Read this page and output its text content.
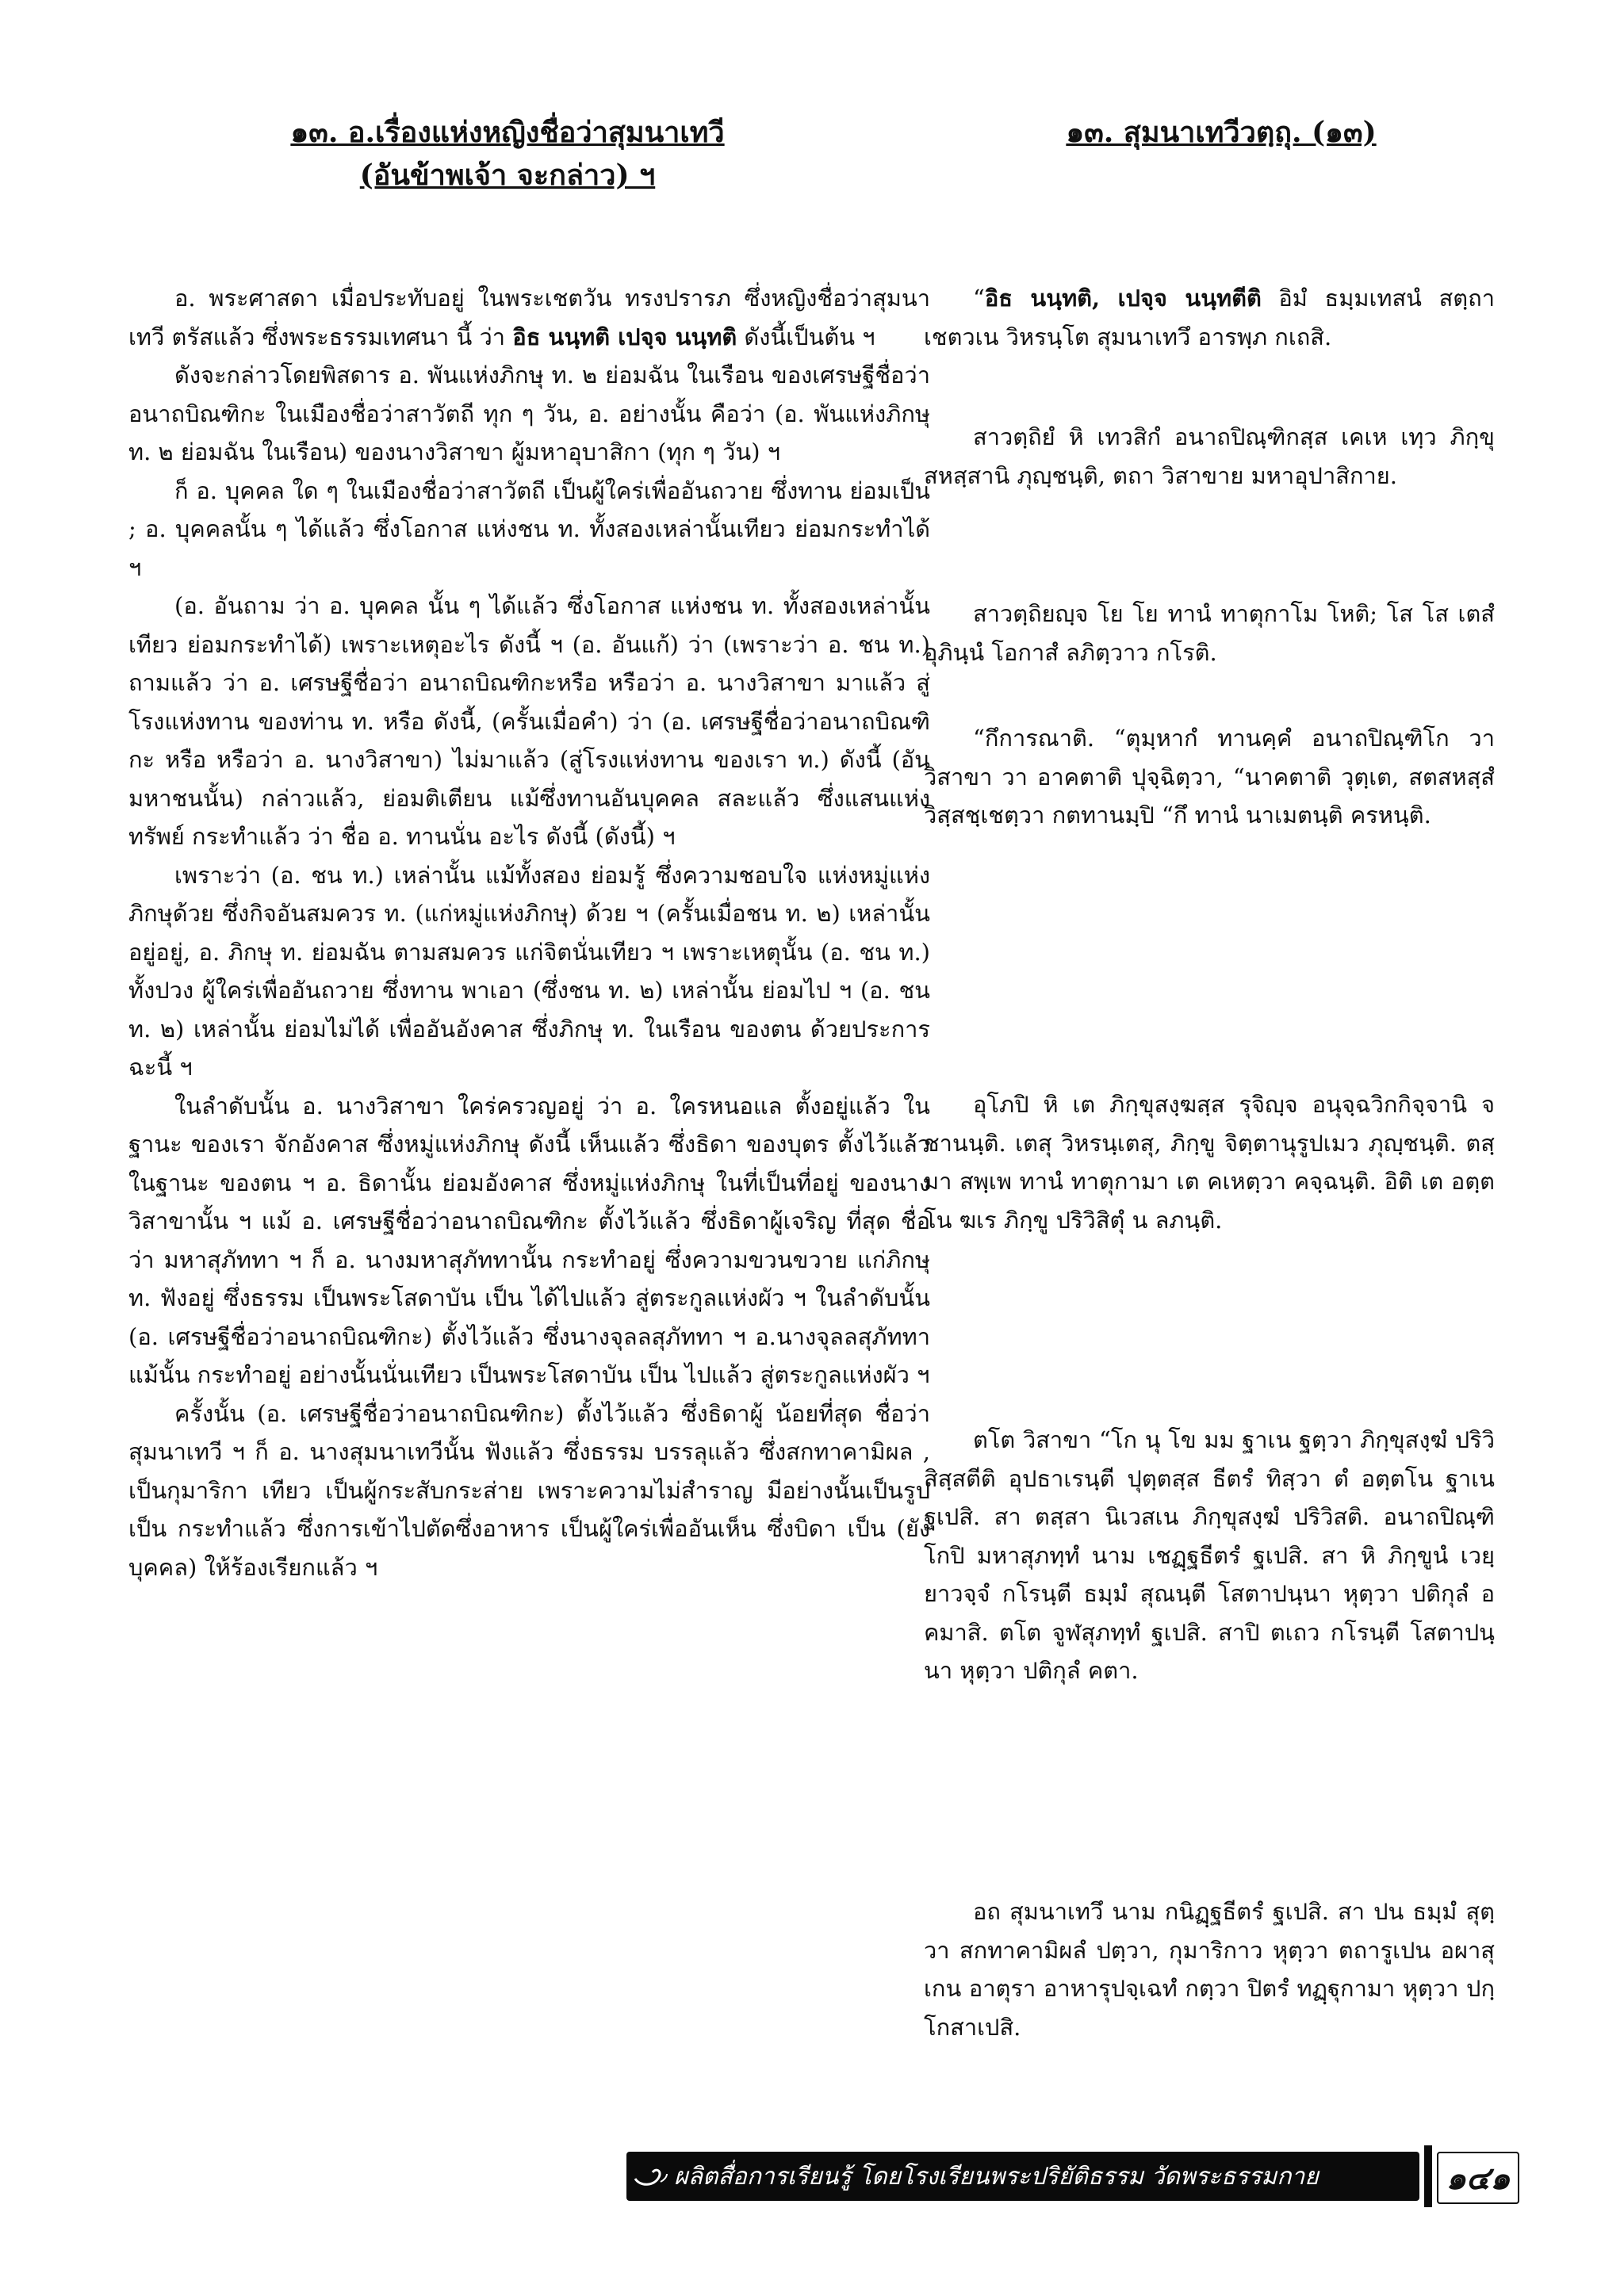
๑๓. อ.เรื่องแห่งหญิงชื่อว่าสุมนาเทวี
(อันข้าพเจ้า จะกล่าว) ฯ
๑๓. สุมนาเทวีวตฺถุ. (๑๓)

อ. พระศาสดา เมื่อประทับอยู่ ในพระเชตวัน ทรงปรารภ ซึ่งหญิงชื่อว่าสุมนาเทวี ตรัสแล้ว ซึ่งพระธรรมเทศนา นี้ ว่า อิธ นนฺทติ เปจฺจ นนฺทติ ดังนี้เป็นต้น ฯ

ดังจะกล่าวโดยพิสดาร อ. พันแห่งภิกษุ ท. ๒ ย่อมฉัน ในเรือน ของเศรษฐีชื่อว่า อนาถบิณฑิกะ ในเมืองชื่อว่าสาวัตถี ทุก ๆ วัน, อ. อย่างนั้น คือว่า (อ. พันแห่งภิกษุ ท. ๒ ย่อมฉัน ในเรือน) ของนางวิสาขา ผู้มหาอุบาสิกา (ทุก ๆ วัน) ฯ

ก็ อ. บุคคล ใด ๆ ในเมืองชื่อว่าสาวัตถี เป็นผู้ใคร่เพื่ออันถวาย ซึ่งทาน ย่อมเป็น ; อ. บุคคลนั้น ๆ ได้แล้ว ซึ่งโอกาส แห่งชน ท. ทั้งสองเหล่านั้นเทียว ย่อมกระทำได้ ฯ

(อ. อันถาม ว่า อ. บุคคล นั้น ๆ ได้แล้ว ซึ่งโอกาส แห่งชน ท. ทั้งสองเหล่านั้นเทียว ย่อมกระทำได้) เพราะเหตุอะไร ดังนี้ ฯ (อ. อันแก้) ว่า (เพราะว่า อ. ชน ท.) ถามแล้ว ว่า อ. เศรษฐีชื่อว่า อนาถบิณฑิกะหรือ หรือว่า อ. นางวิสาขา มาแล้ว สู่โรงแห่งทาน ของท่าน ท. หรือ ดังนี้, (ครั้นเมื่อคำ) ว่า (อ. เศรษฐีชื่อว่าอนาถบิณฑิกะ หรือ หรือว่า อ. นางวิสาขา) ไม่มาแล้ว (สู่โรงแห่งทาน ของเรา ท.) ดังนี้ (อันมหาชนนั้น) กล่าวแล้ว, ย่อมติเตียน แม้ซึ่งทานอันบุคคล สละแล้ว ซึ่งแสนแห่งทรัพย์ กระทำแล้ว ว่า ชื่อ อ. ทานนั่น อะไร ดังนี้ (ดังนี้) ฯ

เพราะว่า (อ. ชน ท.) เหล่านั้น แม้ทั้งสอง ย่อมรู้ ซึ่งความชอบใจ แห่งหมู่แห่งภิกษุด้วย ซึ่งกิจอันสมควร ท. (แก่หมู่แห่งภิกษุ) ด้วย ฯ (ครั้นเมื่อชน ท. ๒) เหล่านั้น อยู่อยู่, อ. ภิกษุ ท. ย่อมฉัน ตามสมควร แก่จิตนั่นเทียว ฯ เพราะเหตุนั้น (อ. ชน ท.) ทั้งปวง ผู้ใคร่เพื่ออันถวาย ซึ่งทาน พาเอา (ซึ่งชน ท. ๒) เหล่านั้น ย่อมไป ฯ (อ. ชน ท. ๒) เหล่านั้น ย่อมไม่ได้ เพื่ออันอังคาส ซึ่งภิกษุ ท. ในเรือน ของตน ด้วยประการฉะนี้ ฯ

ในลำดับนั้น อ. นางวิสาขา ใคร่ครวญอยู่ ว่า อ. ใครหนอแล ตั้งอยู่แล้ว ในฐานะ ของเรา จักอังคาส ซึ่งหมู่แห่งภิกษุ ดังนี้ เห็นแล้ว ซึ่งธิดา ของบุตร ตั้งไว้แล้ว ในฐานะ ของตน ฯ อ. ธิดานั้น ย่อมอังคาส ซึ่งหมู่แห่งภิกษุ ในที่เป็นที่อยู่ ของนางวิสาขานั้น ฯ แม้ อ. เศรษฐีชื่อว่าอนาถบิณฑิกะ ตั้งไว้แล้ว ซึ่งธิดาผู้เจริญ ที่สุด ชื่อว่า มหาสุภัททา ฯ ก็ อ. นางมหาสุภัททานั้น กระทำอยู่ ซึ่งความขวนขวาย แก่ภิกษุ ท. ฟังอยู่ ซึ่งธรรม เป็นพระโสดาบัน เป็น ได้ไปแล้ว สู่ตระกูลแห่งผัว ฯ ในลำดับนั้น (อ. เศรษฐีชื่อว่าอนาถบิณฑิกะ) ตั้งไว้แล้ว ซึ่งนางจุลลสุภัททา ฯ อ.นางจุลลสุภัททาแม้นั้น กระทำอยู่ อย่างนั้นนั่นเทียว เป็นพระโสดาบัน เป็น ไปแล้ว สู่ตระกูลแห่งผัว ฯ

ครั้งนั้น (อ. เศรษฐีชื่อว่าอนาถบิณฑิกะ) ตั้งไว้แล้ว ซึ่งธิดาผู้ น้อยที่สุด ชื่อว่าสุมนาเทวี ฯ ก็ อ. นางสุมนาเทวีนั้น ฟังแล้ว ซึ่งธรรม บรรลุแล้ว ซึ่งสกทาคามิผล , เป็นกุมาริกา เทียว เป็นผู้กระสับกระส่าย เพราะความไม่สำราญ มีอย่างนั้นเป็นรูป เป็น กระทำแล้ว ซึ่งการเข้าไปตัดซึ่งอาหาร เป็นผู้ใคร่เพื่ออันเห็น ซึ่งบิดา เป็น (ยังบุคคล) ให้ร้องเรียกแล้ว ฯ

“อิธ นนฺทติ, เปจฺจ นนฺทตีติ อิมํ ธมฺมเทสนํ สตฺถา เชตวเน วิหรนฺโต สุมนาเทวึ อารพฺภ กเถสิ.

สาวตฺถิยํ หิ เทวสิกํ อนาถปิณฺฑิกสฺส เคเห เทฺว ภิกฺขุสหสฺสานิ ภุญฺชนฺติ, ตถา วิสาขาย มหาอุปาสิกาย.

สาวตฺถิยญฺจ โย โย ทานํ ทาตุกาโม โหติ; โส โส เตสํ อุภินฺนํ โอกาสํ ลภิตฺวาว กโรติ.

“กึการณาติ. “ตุมฺหากํ ทานคฺคํ อนาถปิณฺฑิโก วา วิสาขา วา อาคตาติ ปุจฺฉิตฺวา, “นาคตาติ วุตฺเต, สตสหสฺสํ วิสฺสชฺเชตฺวา กตทานมฺปิ “กึ ทานํ นาเมตนฺติ ครหนฺติ.

อุโภปิ หิ เต ภิกฺขุสงฺฆสฺส รุจิญฺจ อนุจฺฉวิกกิจฺจานิ จ ชานนฺติ. เตสุ วิหรนฺเตสุ, ภิกฺขู จิตฺตานุรูปเมว ภุญฺชนฺติ. ตสฺมา สพฺเพ ทานํ ทาตุกามา เต คเหตฺวา คจฺฉนฺติ. อิติ เต อตฺตโน ฆเร ภิกฺขู ปริวิสิตุํ น ลภนฺติ.

ตโต วิสาขา “โก นุ โข มม ฐาเน ฐตฺวา ภิกฺขุสงฺฆํ ปริวิสิสฺสตีติ อุปธาเรนฺตี ปุตฺตสฺส ธีตรํ ทิสฺวา ตํ อตฺตโน ฐาเน ฐเปสิ. สา ตสฺสา นิเวสเน ภิกฺขุสงฺฆํ ปริวิสติ. อนาถปิณฺฑิโกปิ มหาสุภทฺทํ นาม เชฏฺฐธีตรํ ฐเปสิ. สา หิ ภิกฺขูนํ เวยฺยาวจฺจํ กโรนฺตี ธมฺมํ สุณนฺตี โสตาปนฺนา หุตฺวา ปติกุลํ อคมาสิ. ตโต จูฬสุภทฺทํ ฐเปสิ. สาปิ ตเถว กโรนฺตี โสตาปนฺนา หุตฺวา ปติกุลํ คตา.

อถ สุมนาเทวึ นาม กนิฏฺฐธีตรํ ฐเปสิ. สา ปน ธมฺมํ สุตฺวา สกทาคามิผลํ ปตฺวา, กุมาริกาว หุตฺวา ตถารูเปน อผาสุเกน อาตุรา อาหารุปจฺเฉทํ กตฺวา ปิตรํ ทฏฺฐุกามา หุตฺวา ปกฺโกสาเปสิ.

ผลิตสื่อการเรียนรู้ โดยโรงเรียนพระปริยัติธรรม วัดพระธรรมกาย	๑๔๑
